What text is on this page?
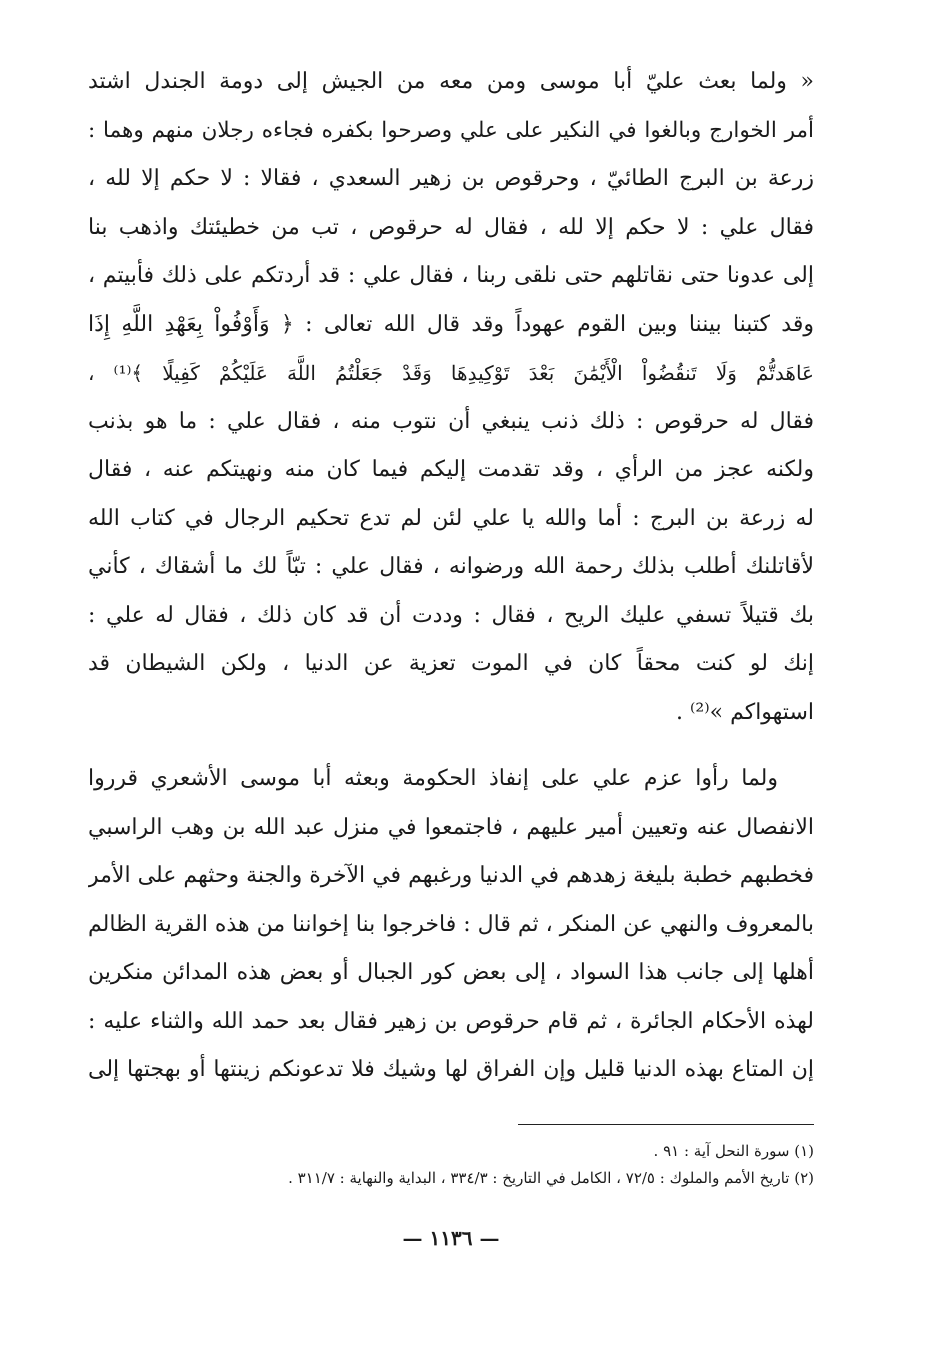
« ولما بعث عليّ أبا موسى ومن معه من الجيش إلى دومة الجندل اشتد

أمر الخوارج وبالغوا في النكير على علي وصرحوا بكفره فجاءه رجلان منهم وهما :

زرعة بن البرج الطائيّ ، وحرقوص بن زهير السعدي ، فقالا : لا حكم إلا لله ،

فقال علي : لا حكم إلا لله ، فقال له حرقوص ، تب من خطيئتك واذهب بنا

إلى عدونا حتى نقاتلهم حتى نلقى ربنا ، فقال علي : قد أردتكم على ذلك فأبيتم ،

وقد كتبنا بيننا وبين القوم عهوداً وقد قال الله تعالى : ﴿ وَأَوْفُواْ بِعَهْدِ اللَّهِ إِذَا

عَاهَدتُّمْ وَلَا تَنقُضُواْ الْأَيْمَٰنَ بَعْدَ تَوْكِيدِهَا وَقَدْ جَعَلْتُمُ اللَّهَ عَلَيْكُمْ كَفِيلًا ﴾⁽¹⁾ ،

فقال له حرقوص : ذلك ذنب ينبغي أن نتوب منه ، فقال علي : ما هو بذنب

ولكنه عجز من الرأي ، وقد تقدمت إليكم فيما كان منه ونهيتكم عنه ، فقال

له زرعة بن البرج : أما والله يا علي لئن لم تدع تحكيم الرجال في كتاب الله

لأقاتلنك أطلب بذلك رحمة الله ورضوانه ، فقال علي : تبّاً لك ما أشقاك ، كأني

بك قتيلاً تسفي عليك الريح ، فقال : وددت أن قد كان ذلك ، فقال له علي :

إنك لو كنت محقاً كان في الموت تعزية عن الدنيا ، ولكن الشيطان قد

استهواكم »⁽²⁾ .

ولما رأوا عزم علي على إنفاذ الحكومة وبعثه أبا موسى الأشعري قرروا

الانفصال عنه وتعيين أمير عليهم ، فاجتمعوا في منزل عبد الله بن وهب الراسبي

فخطبهم خطبة بليغة زهدهم في الدنيا ورغبهم في الآخرة والجنة وحثهم على الأمر

بالمعروف والنهي عن المنكر ، ثم قال : فاخرجوا بنا إخواننا من هذه القرية الظالم

أهلها إلى جانب هذا السواد ، إلى بعض كور الجبال أو بعض هذه المدائن منكرين

لهذه الأحكام الجائرة ، ثم قام حرقوص بن زهير فقال بعد حمد الله والثناء عليه :

إن المتاع بهذه الدنيا قليل وإن الفراق لها وشيك فلا تدعونكم زينتها أو بهجتها إلى

(١) سورة النحل آية : ٩١ .

(٢) تاريخ الأمم والملوك : ٧٢/٥ ، الكامل في التاريخ : ٣٣٤/٣ ، البداية والنهاية : ٣١١/٧ .

— ١١٣٦ —
